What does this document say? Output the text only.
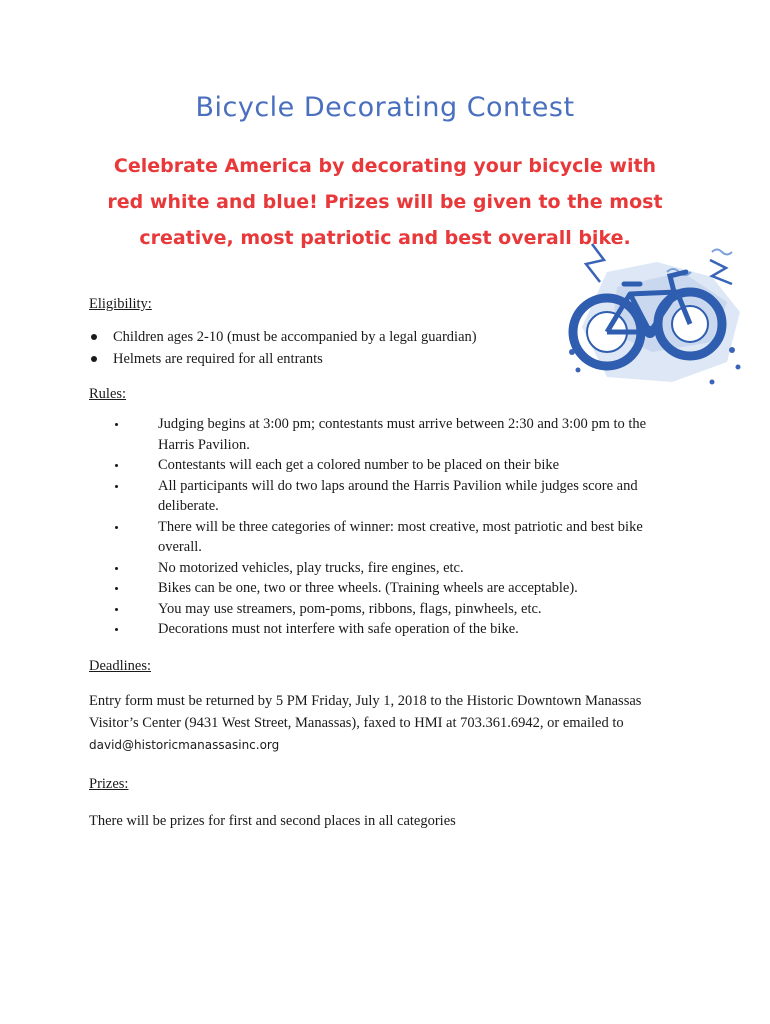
Bicycle Decorating Contest
Celebrate America by decorating your bicycle with red white and blue! Prizes will be given to the most creative, most patriotic and best overall bike.

Eligibility:

Children ages 2-10 (must be accompanied by a legal guardian)
Helmets are required for all entrants

Rules:

Judging begins at 3:00 pm; contestants must arrive between 2:30 and 3:00 pm to the Harris Pavilion.
Contestants will each get a colored number to be placed on their bike
All participants will do two laps around the Harris Pavilion while judges score and deliberate.
There will be three categories of winner: most creative, most patriotic and best bike overall.
No motorized vehicles, play trucks, fire engines, etc.
Bikes can be one, two or three wheels. (Training wheels are acceptable).
You may use streamers, pom-poms, ribbons, flags, pinwheels, etc.
Decorations must not interfere with safe operation of the bike.

Deadlines:

Entry form must be returned by 5 PM Friday, July 1, 2018 to the Historic Downtown Manassas Visitor’s Center (9431 West Street, Manassas), faxed to HMI at 703.361.6942, or emailed to
david@historicmanassasinc.org

Prizes:

There will be prizes for first and second places in all categories
